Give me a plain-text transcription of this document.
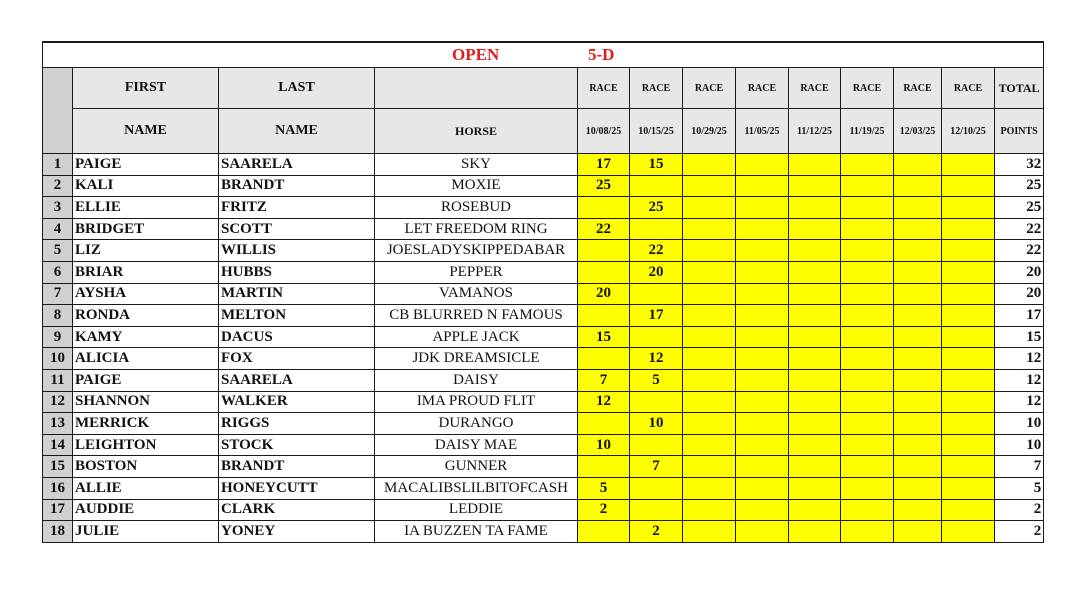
OPEN 5-D												

	FIRST	LAST		RACE	RACE	RACE	RACE	RACE	RACE	RACE	RACE	TOTAL
	NAME	NAME	HORSE	10/08/25	10/15/25	10/29/25	11/05/25	11/12/25	11/19/25	12/03/25	12/10/25	POINTS
1	PAIGE	SAARELA	SKY	17	15							32
2	KALI	BRANDT	MOXIE	25								25
3	ELLIE	FRITZ	ROSEBUD		25							25
4	BRIDGET	SCOTT	LET FREEDOM RING	22								22
5	LIZ	WILLIS	JOESLADYSKIPPEDABAR		22							22
6	BRIAR	HUBBS	PEPPER		20							20
7	AYSHA	MARTIN	VAMANOS	20								20
8	RONDA	MELTON	CB BLURRED N FAMOUS		17							17
9	KAMY	DACUS	APPLE JACK	15								15
10	ALICIA	FOX	JDK DREAMSICLE		12							12
11	PAIGE	SAARELA	DAISY	7	5							12
12	SHANNON	WALKER	IMA PROUD FLIT	12								12
13	MERRICK	RIGGS	DURANGO		10							10
14	LEIGHTON	STOCK	DAISY MAE	10								10
15	BOSTON	BRANDT	GUNNER		7							7
16	ALLIE	HONEYCUTT	MACALIBSLILBITOFCASH	5								5
17	AUDDIE	CLARK	LEDDIE	2								2
18	JULIE	YONEY	IA BUZZEN TA FAME		2							2
